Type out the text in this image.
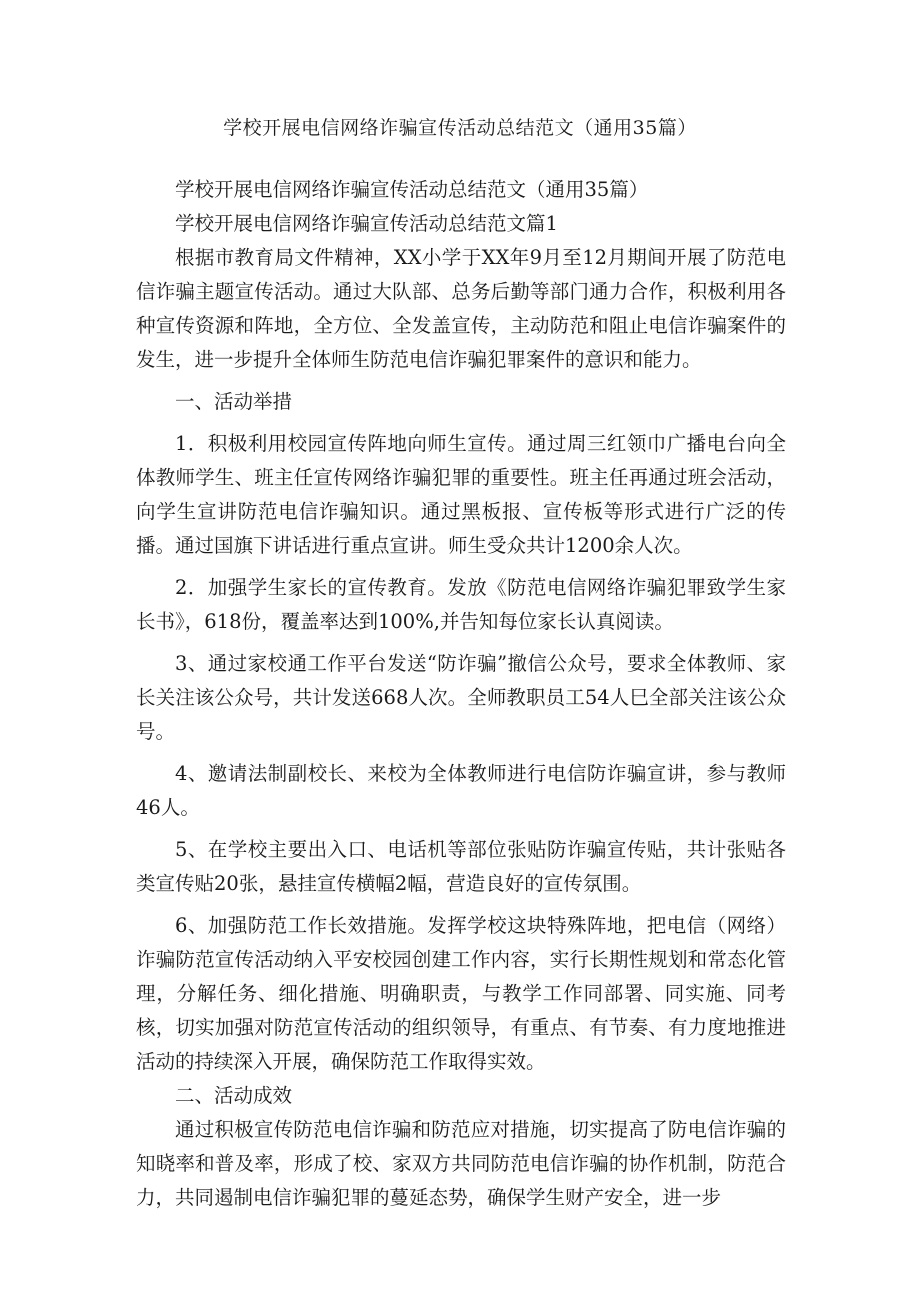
学校开展电信网络诈骗宣传活动总结范文（通用35篇）

学校开展电信网络诈骗宣传活动总结范文（通用35篇）

学校开展电信网络诈骗宣传活动总结范文篇1

根据市教育局文件精神，XX小学于XX年9月至12月期间开展了防范电信诈骗主题宣传活动。通过大队部、总务后勤等部门通力合作，积极利用各种宣传资源和阵地，全方位、全发盖宣传，主动防范和阻止电信诈骗案件的发生，进一步提升全体师生防范电信诈骗犯罪案件的意识和能力。

一、活动举措

1．积极利用校园宣传阵地向师生宣传。通过周三红领巾广播电台向全体教师学生、班主任宣传网络诈骗犯罪的重要性。班主任再通过班会活动，向学生宣讲防范电信诈骗知识。通过黑板报、宣传板等形式进行广泛的传播。通过国旗下讲话进行重点宣讲。师生受众共计1200余人次。

2．加强学生家长的宣传教育。发放《防范电信网络诈骗犯罪致学生家长书》，618份，覆盖率达到100%,并告知每位家长认真阅读。

3、通过家校通工作平台发送“防诈骗”撤信公众号，要求全体教师、家长关注该公众号，共计发送668人次。全师教职员工54人巳全部关注该公众号。

4、邀请法制副校长、来校为全体教师进行电信防诈骗宣讲，参与教师46人。

5、在学校主要出入口、电话机等部位张贴防诈骗宣传贴，共计张贴各类宣传贴20张，悬挂宣传横幅2幅，营造良好的宣传氛围。

6、加强防范工作长效措施。发挥学校这块特殊阵地，把电信（网络）诈骗防范宣传活动纳入平安校园创建工作内容，实行长期性规划和常态化管理，分解任务、细化措施、明确职责，与教学工作同部署、同实施、同考核，切实加强对防范宣传活动的组织领导，有重点、有节奏、有力度地推进活动的持续深入开展，确保防范工作取得实效。

二、活动成效

通过积极宣传防范电信诈骗和防范应对措施，切实提高了防电信诈骗的知晓率和普及率，形成了校、家双方共同防范电信诈骗的协作机制，防范合力，共同遏制电信诈骗犯罪的蔓延态势，确保学生财产安全，进一步
